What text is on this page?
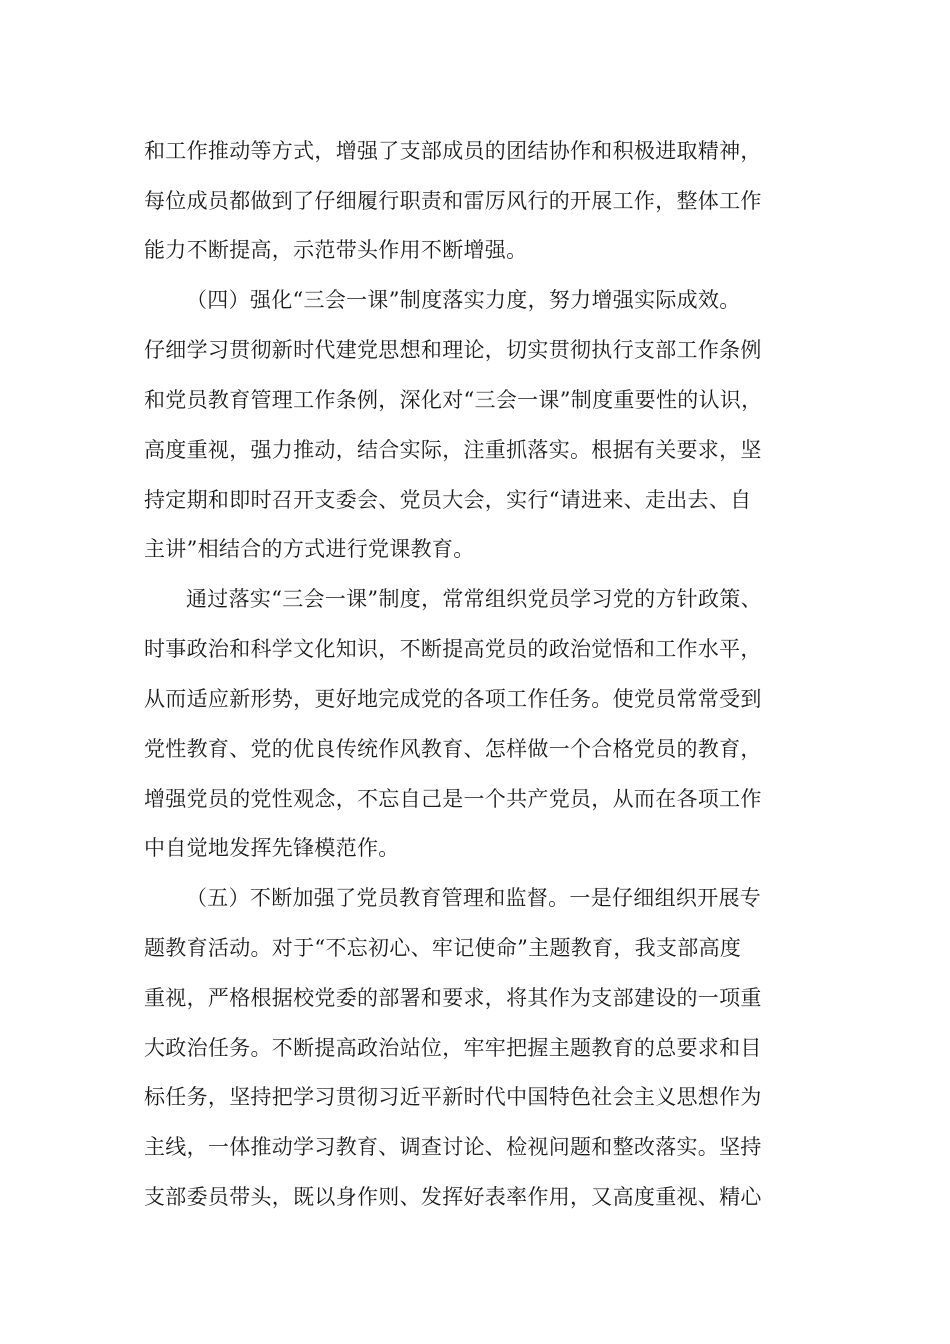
和工作推动等方式，增强了支部成员的团结协作和积极进取精神，
每位成员都做到了仔细履行职责和雷厉风行的开展工作，整体工作
能力不断提高，示范带头作用不断增强。
（四）强化“三会一课”制度落实力度，努力增强实际成效。
仔细学习贯彻新时代建党思想和理论，切实贯彻执行支部工作条例
和党员教育管理工作条例，深化对“三会一课”制度重要性的认识，
高度重视，强力推动，结合实际，注重抓落实。根据有关要求，坚
持定期和即时召开支委会、党员大会，实行“请进来、走出去、自
主讲”相结合的方式进行党课教育。
通过落实“三会一课”制度，常常组织党员学习党的方针政策、
时事政治和科学文化知识，不断提高党员的政治觉悟和工作水平，
从而适应新形势，更好地完成党的各项工作任务。使党员常常受到
党性教育、党的优良传统作风教育、怎样做一个合格党员的教育，
增强党员的党性观念，不忘自己是一个共产党员，从而在各项工作
中自觉地发挥先锋模范作。
（五）不断加强了党员教育管理和监督。一是仔细组织开展专
题教育活动。对于“不忘初心、牢记使命”主题教育，我支部高度
重视，严格根据校党委的部署和要求，将其作为支部建设的一项重
大政治任务。不断提高政治站位，牢牢把握主题教育的总要求和目
标任务，坚持把学习贯彻习近平新时代中国特色社会主义思想作为
主线，一体推动学习教育、调查讨论、检视问题和整改落实。坚持
支部委员带头，既以身作则、发挥好表率作用，又高度重视、精心
